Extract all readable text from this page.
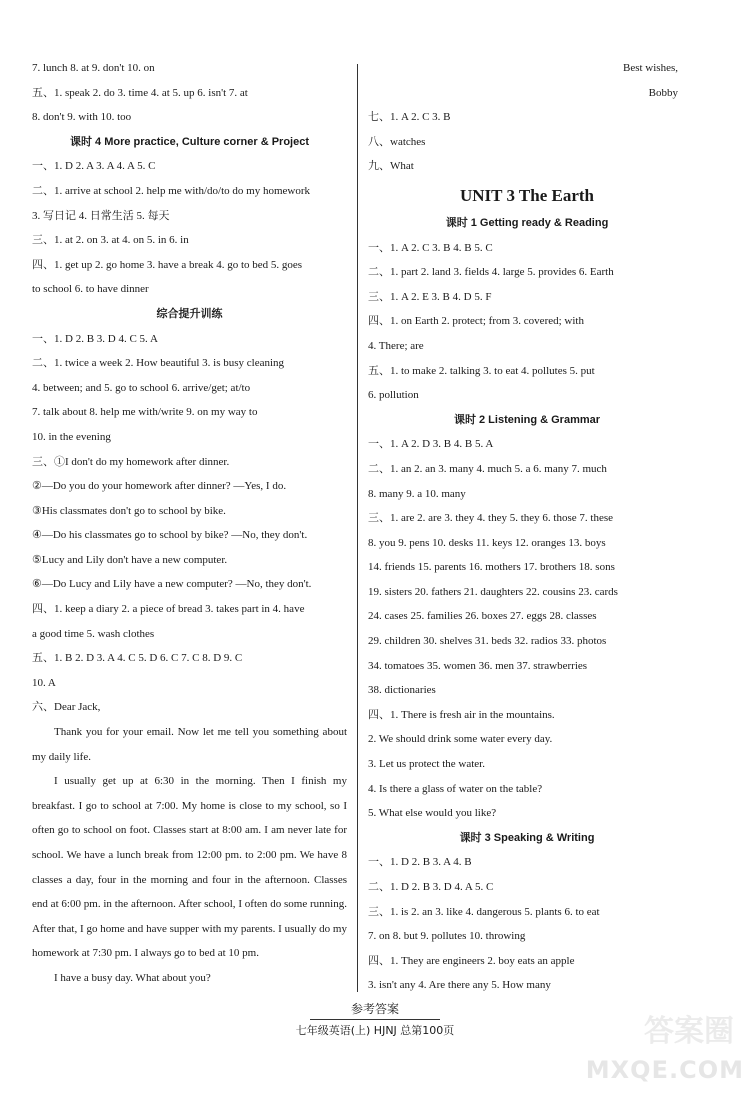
7. lunch 8. at 9. don't 10. on
五、1. speak 2. do 3. time 4. at 5. up 6. isn't 7. at
8. don't 9. with 10. too
课时 4 More practice, Culture corner & Project
一、1. D 2. A 3. A 4. A 5. C
二、1. arrive at school 2. help me with/do/to do my homework
3. 写日记 4. 日常生活 5. 每天
三、1. at 2. on 3. at 4. on 5. in 6. in
四、1. get up 2. go home 3. have a break 4. go to bed 5. goes
to school 6. to have dinner
综合提升训练
一、1. D 2. B 3. D 4. C 5. A
二、1. twice a week 2. How beautiful 3. is busy cleaning
4. between; and 5. go to school 6. arrive/get; at/to
7. talk about 8. help me with/write 9. on my way to
10. in the evening
三、①I don't do my homework after dinner.
②—Do you do your homework after dinner? —Yes, I do.
③His classmates don't go to school by bike.
④—Do his classmates go to school by bike? —No, they don't.
⑤Lucy and Lily don't have a new computer.
⑥—Do Lucy and Lily have a new computer? —No, they don't.
四、1. keep a diary 2. a piece of bread 3. takes part in 4. have
a good time 5. wash clothes
五、1. B 2. D 3. A 4. C 5. D 6. C 7. C 8. D 9. C
10. A
六、Dear Jack,

Thank you for your email. Now let me tell you something about my daily life.

I usually get up at 6:30 in the morning. Then I finish my breakfast. I go to school at 7:00. My home is close to my school, so I often go to school on foot. Classes start at 8:00 am. I am never late for school. We have a lunch break from 12:00 pm. to 2:00 pm. We have 8 classes a day, four in the morning and four in the afternoon. Classes end at 6:00 pm. in the afternoon. After school, I often do some running. After that, I go home and have supper with my parents. I usually do my homework at 7:30 pm. I always go to bed at 10 pm.

I have a busy day. What about you?

Best wishes,
Bobby
七、1. A 2. C 3. B
八、watches
九、What
UNIT 3 The Earth
课时 1 Getting ready & Reading
一、1. A 2. C 3. B 4. B 5. C
二、1. part 2. land 3. fields 4. large 5. provides 6. Earth
三、1. A 2. E 3. B 4. D 5. F
四、1. on Earth 2. protect; from 3. covered; with
4. There; are
五、1. to make 2. talking 3. to eat 4. pollutes 5. put
6. pollution
课时 2 Listening & Grammar
一、1. A 2. D 3. B 4. B 5. A
二、1. an 2. an 3. many 4. much 5. a 6. many 7. much
8. many 9. a 10. many
三、1. are 2. are 3. they 4. they 5. they 6. those 7. these
8. you 9. pens 10. desks 11. keys 12. oranges 13. boys
14. friends 15. parents 16. mothers 17. brothers 18. sons
19. sisters 20. fathers 21. daughters 22. cousins 23. cards
24. cases 25. families 26. boxes 27. eggs 28. classes
29. children 30. shelves 31. beds 32. radios 33. photos
34. tomatoes 35. women 36. men 37. strawberries
38. dictionaries
四、1. There is fresh air in the mountains.
2. We should drink some water every day.
3. Let us protect the water.
4. Is there a glass of water on the table?
5. What else would you like?
课时 3 Speaking & Writing
一、1. D 2. B 3. A 4. B
二、1. D 2. B 3. D 4. A 5. C
三、1. is 2. an 3. like 4. dangerous 5. plants 6. to eat
7. on 8. but 9. pollutes 10. throwing
四、1. They are engineers 2. boy eats an apple
3. isn't any 4. Are there any 5. How many
参考答案
七年级英语(上) HJNJ 总第100页	答案圈
MXQE.COM
